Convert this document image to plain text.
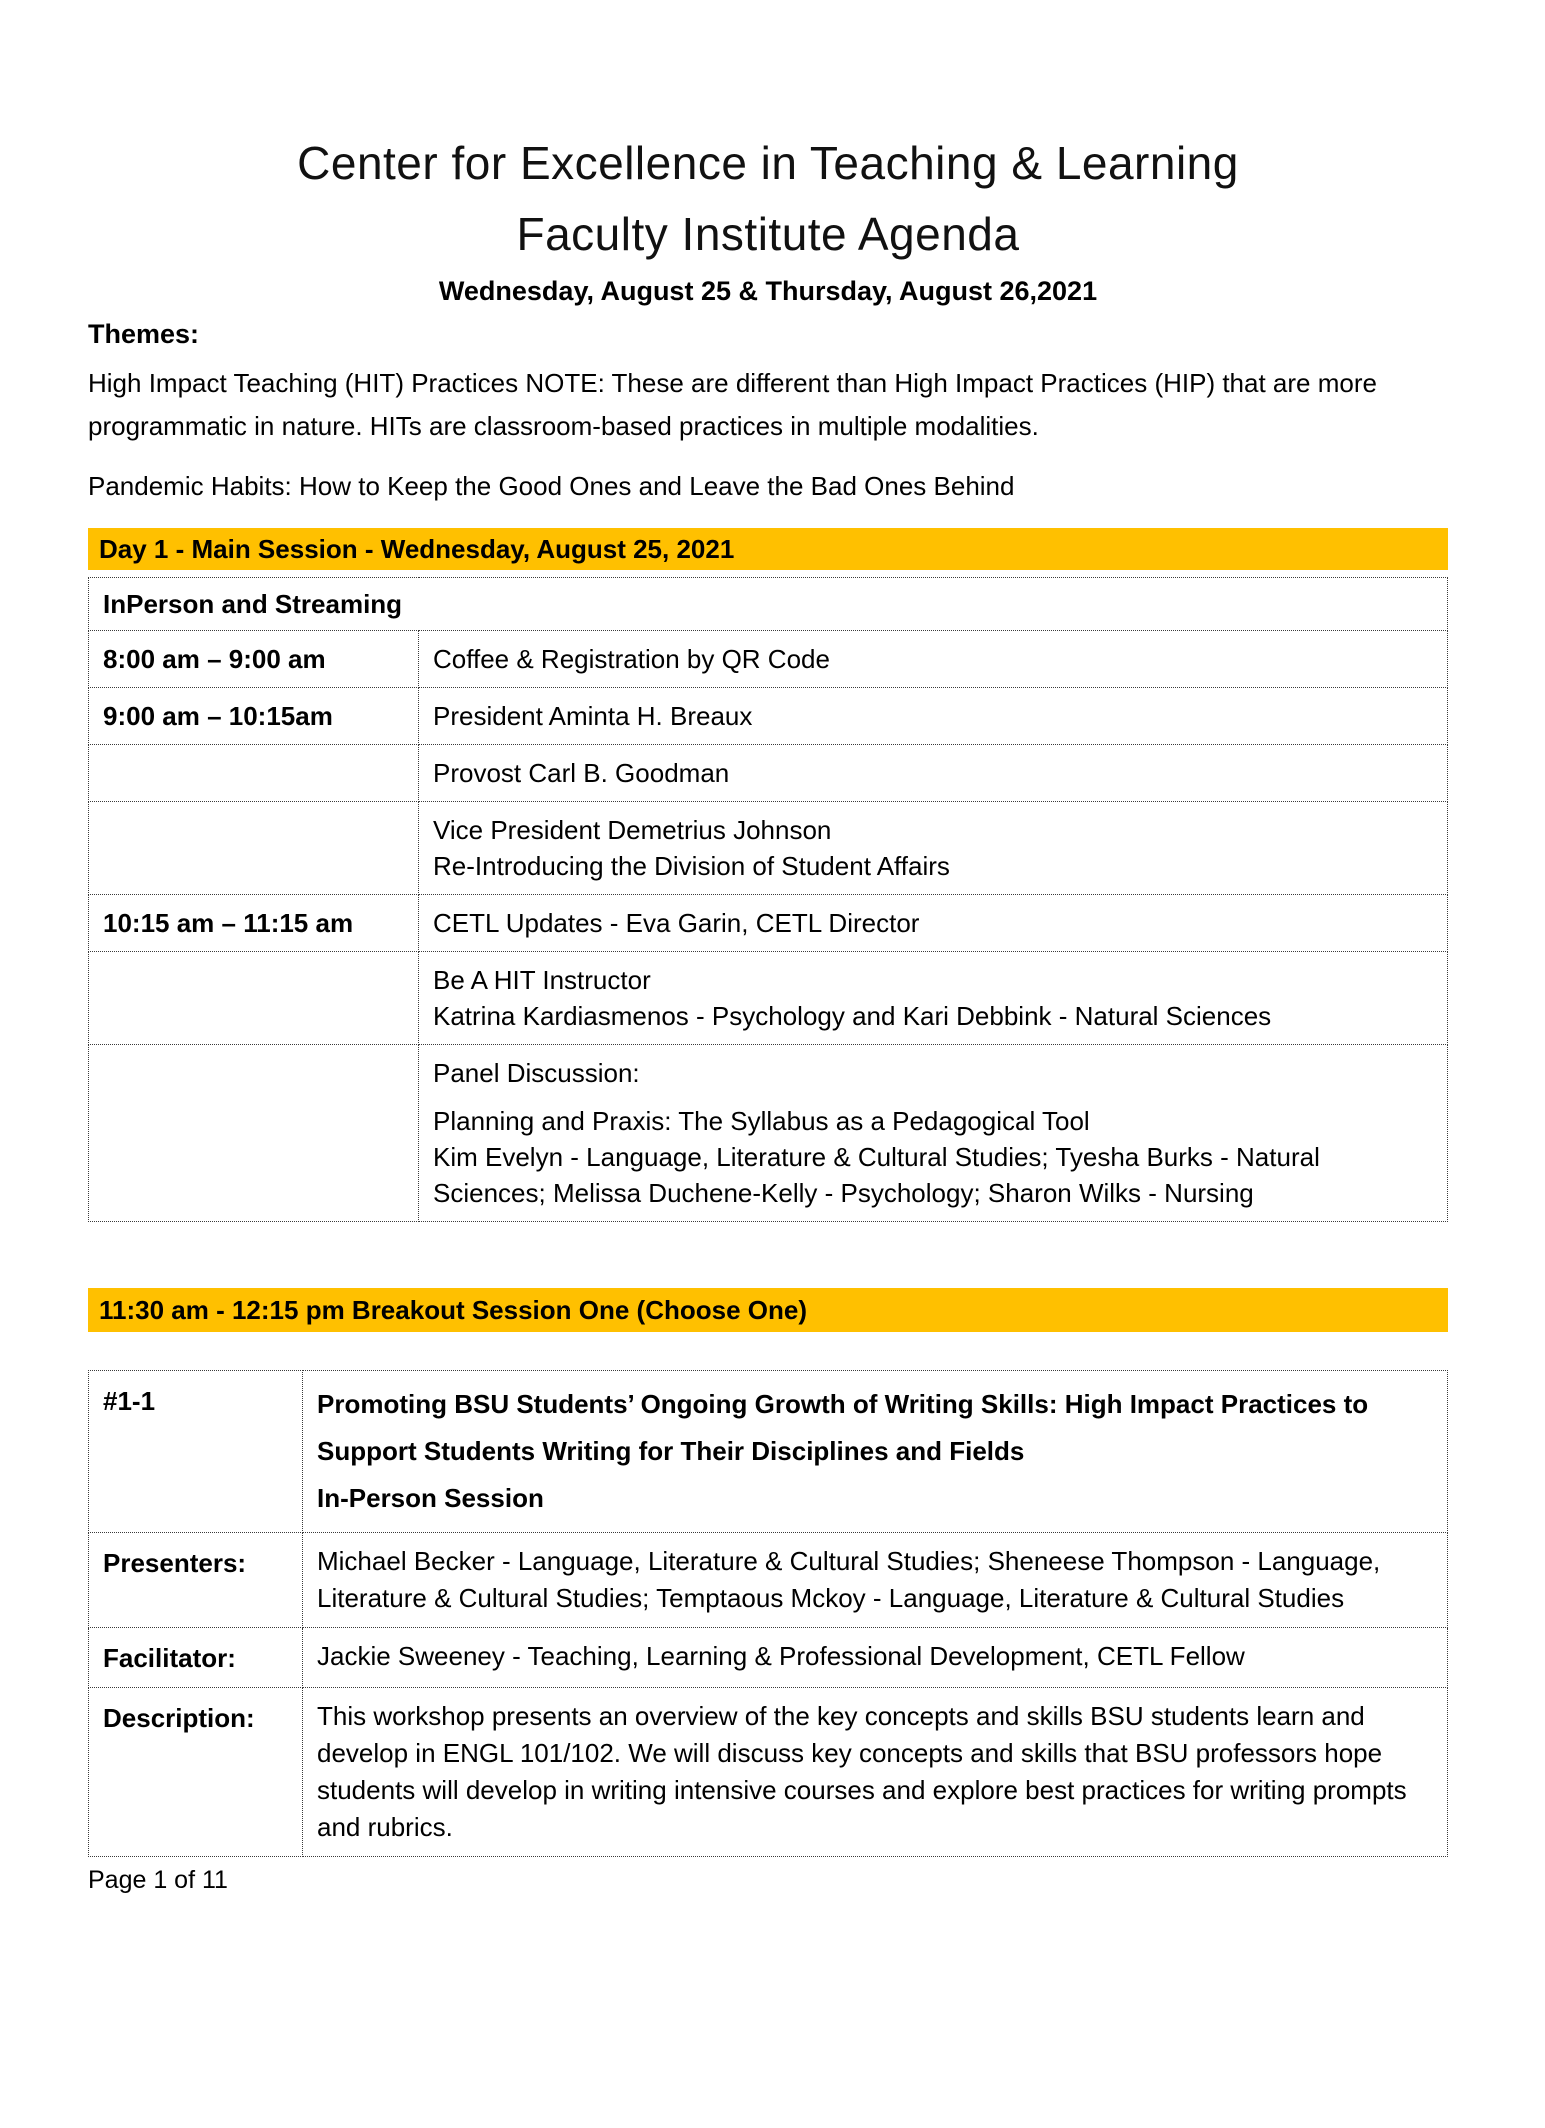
Center for Excellence in Teaching & Learning
Faculty Institute Agenda
Wednesday, August 25 & Thursday, August 26,2021
Themes:

High Impact Teaching (HIT) Practices NOTE: These are different than High Impact Practices (HIP) that are more programmatic in nature. HITs are classroom-based practices in multiple modalities.

Pandemic Habits: How to Keep the Good Ones and Leave the Bad Ones Behind

Day 1 - Main Session - Wednesday, August 25, 2021
InPerson and Streaming	
8:00 am – 9:00 am	Coffee & Registration by QR Code

9:00 am – 10:15am	President Aminta H. Breaux

	Provost Carl B. Goodman

	Vice President Demetrius Johnson
Re-Introducing the Division of Student Affairs

10:15 am – 11:15 am	CETL Updates - Eva Garin, CETL Director

	Be A HIT Instructor
Katrina Kardiasmenos - Psychology and Kari Debbink - Natural Sciences

	Panel Discussion:
Planning and Praxis: The Syllabus as a Pedagogical Tool
Kim Evelyn - Language, Literature & Cultural Studies; Tyesha Burks - Natural Sciences; Melissa Duchene-Kelly - Psychology; Sharon Wilks - Nursing
11:30 am - 12:15 pm Breakout Session One (Choose One)
#1-1	Promoting BSU Students’ Ongoing Growth of Writing Skills: High Impact Practices to Support Students Writing for Their Disciplines and Fields
In-Person Session

Presenters:	Michael Becker - Language, Literature & Cultural Studies; Sheneese Thompson - Language, Literature & Cultural Studies; Temptaous Mckoy - Language, Literature & Cultural Studies

Facilitator:	Jackie Sweeney - Teaching, Learning & Professional Development, CETL Fellow

Description:	This workshop presents an overview of the key concepts and skills BSU students learn and develop in ENGL 101/102. We will discuss key concepts and skills that BSU professors hope students will develop in writing intensive courses and explore best practices for writing prompts and rubrics.
Page 1 of 11
